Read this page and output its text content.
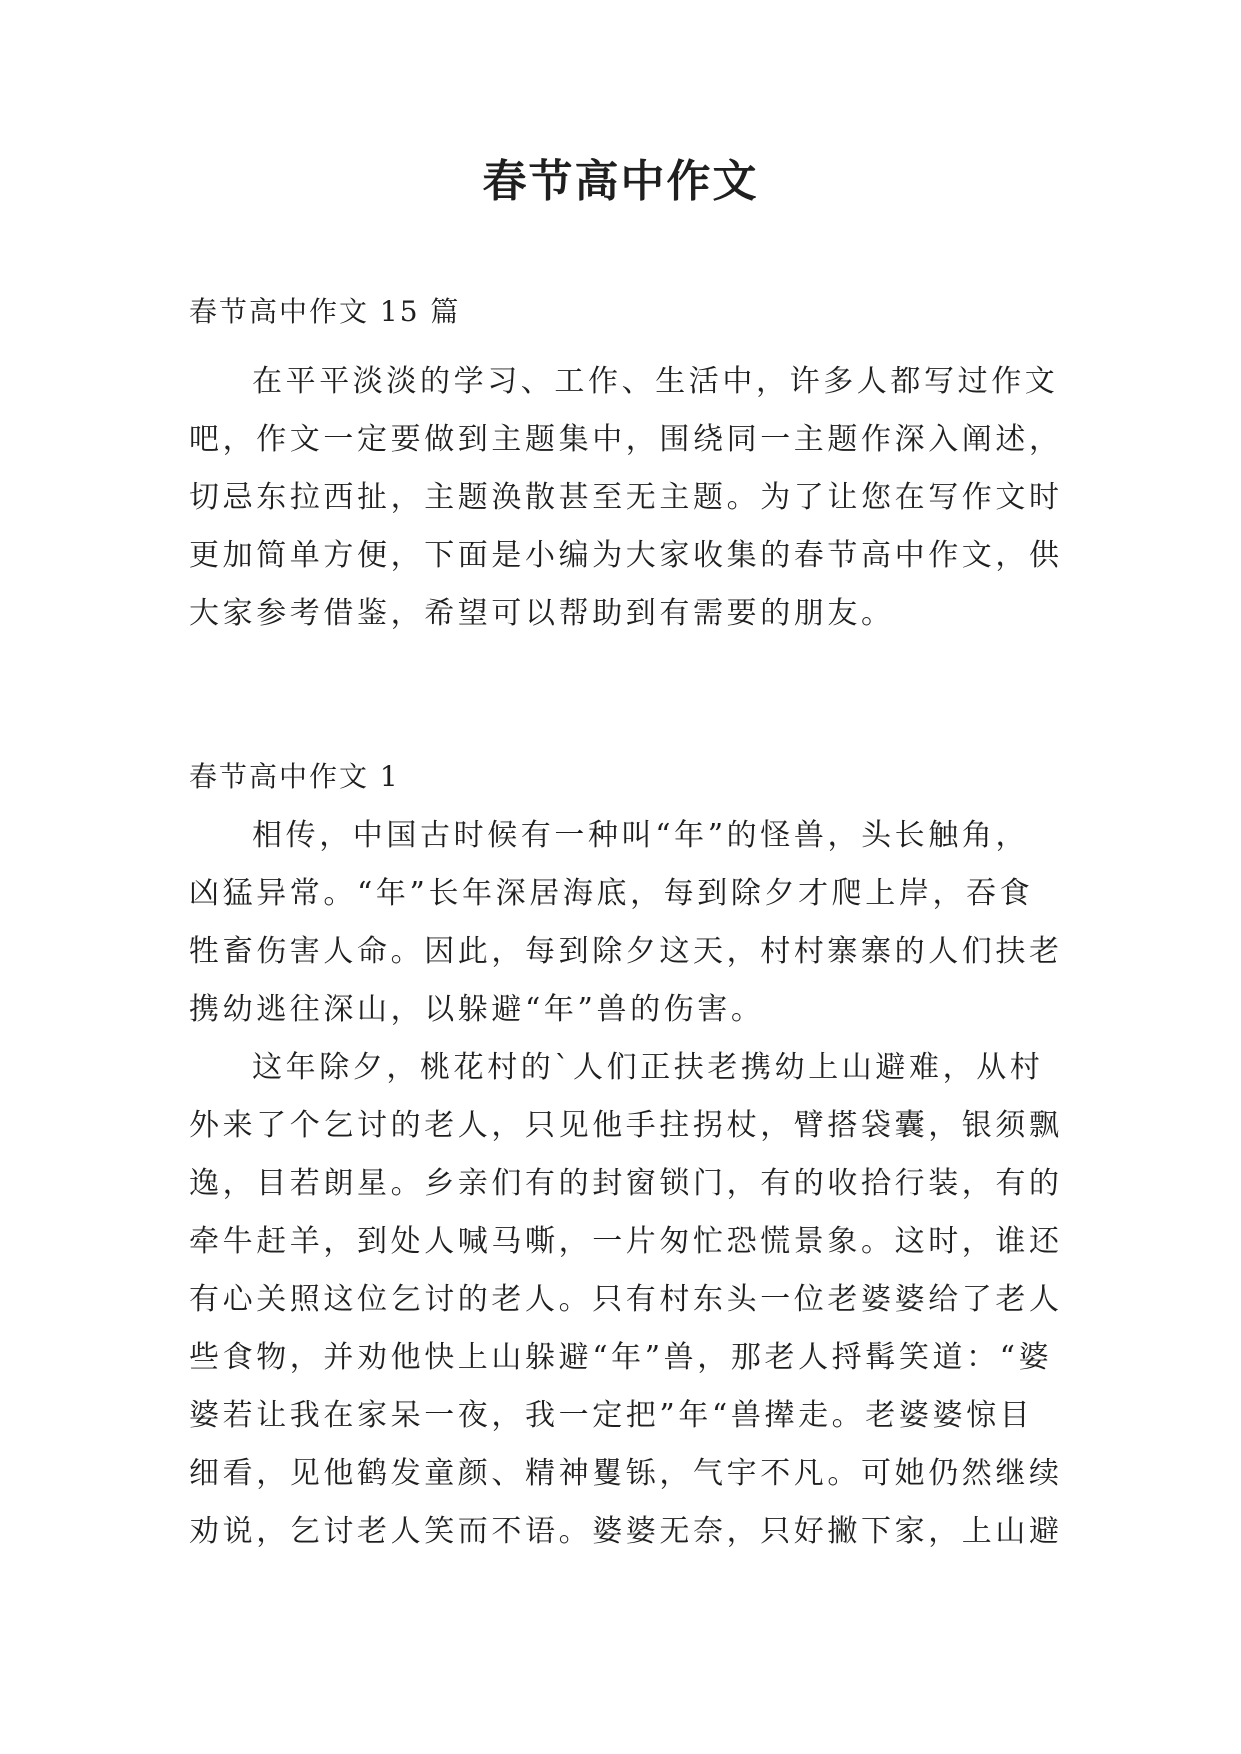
春节高中作文
春节高中作文 15 篇
在平平淡淡的学习、工作、生活中，许多人都写过作文
吧，作文一定要做到主题集中，围绕同一主题作深入阐述，
切忌东拉西扯，主题涣散甚至无主题。为了让您在写作文时
更加简单方便，下面是小编为大家收集的春节高中作文，供
大家参考借鉴，希望可以帮助到有需要的朋友。
春节高中作文 1
相传，中国古时候有一种叫“年”的怪兽，头长触角，
凶猛异常。“年”长年深居海底，每到除夕才爬上岸，吞食
牲畜伤害人命。因此，每到除夕这天，村村寨寨的人们扶老
携幼逃往深山，以躲避“年”兽的伤害。
这年除夕，桃花村的`人们正扶老携幼上山避难，从村
外来了个乞讨的老人，只见他手拄拐杖，臂搭袋囊，银须飘
逸，目若朗星。乡亲们有的封窗锁门，有的收拾行装，有的
牵牛赶羊，到处人喊马嘶，一片匆忙恐慌景象。这时，谁还
有心关照这位乞讨的老人。只有村东头一位老婆婆给了老人
些食物，并劝他快上山躲避“年”兽，那老人捋髯笑道：“婆
婆若让我在家呆一夜，我一定把”年“兽撵走。老婆婆惊目
细看，见他鹤发童颜、精神矍铄，气宇不凡。可她仍然继续
劝说，乞讨老人笑而不语。婆婆无奈，只好撇下家，上山避
